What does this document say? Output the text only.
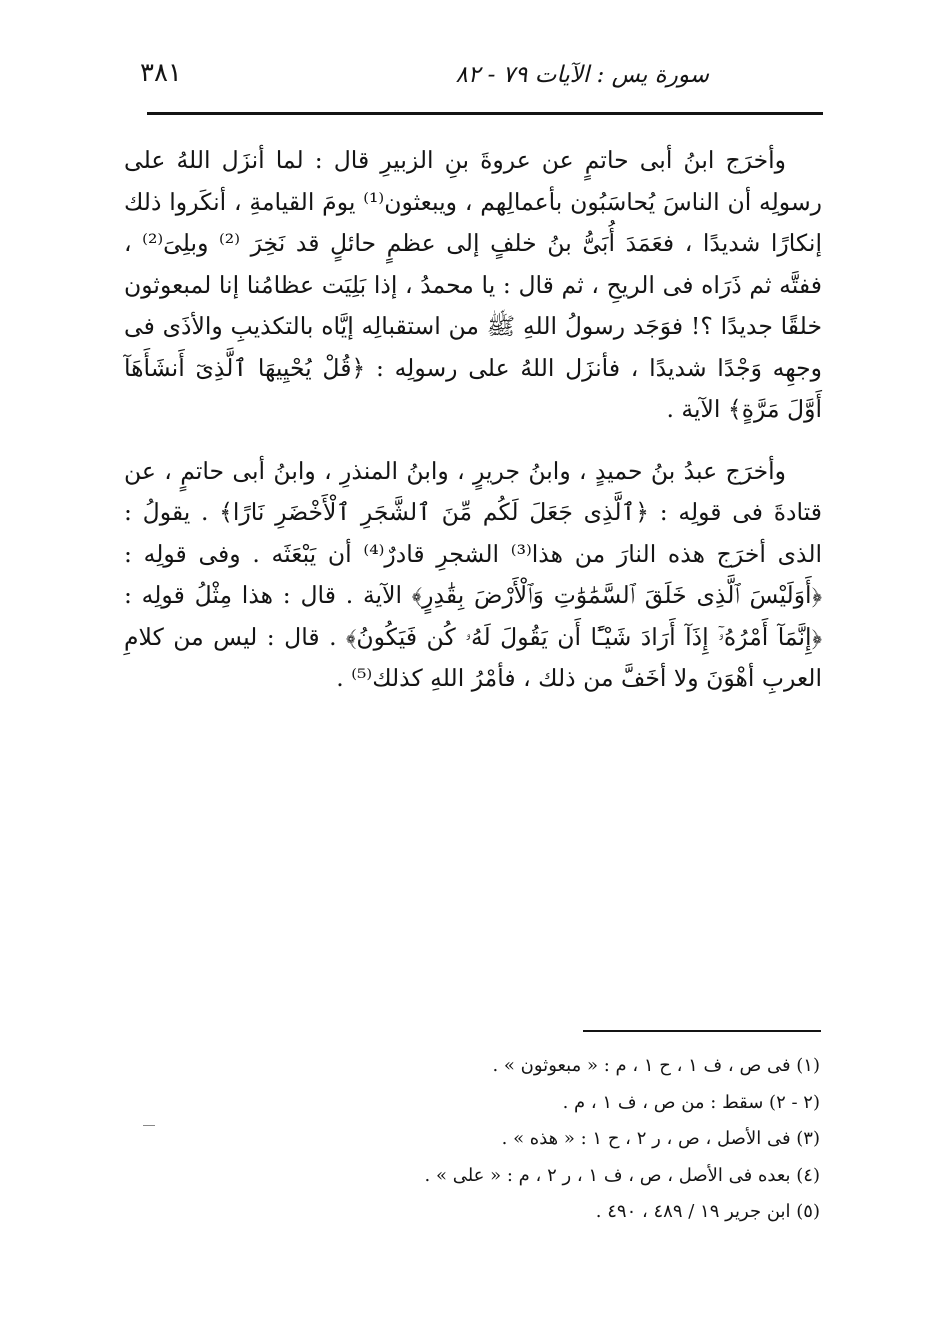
٣٨١	سورة يس : الآيات ٧٩ - ٨٢

وأخرَج ابنُ أبى حاتمٍ عن عروةَ بنِ الزبيرِ قال : لما أنزَل اللهُ على رسولِه أن الناسَ يُحاسَبُون بأعمالِهم ، ويبعثون⁽¹⁾ يومَ القيامةِ ، أنكَروا ذلك إنكارًا شديدًا ، فعَمَدَ أُبَىُّ بنُ خلفٍ إلى عظمٍ حائلٍ قد نَخِرَ ⁽²⁾ وبلِىَ⁽²⁾ ، ففتَّه ثم ذَرَاه فى الريحِ ، ثم قال : يا محمدُ ، إذا بَلِيَت عظامُنا إنا لمبعوثون خلقًا جديدًا ؟! فوَجَد رسولُ اللهِ ﷺ من استقبالِه إيَّاه بالتكذيبِ والأذَى فى وجهِه وَجْدًا شديدًا ، فأنزَل اللهُ على رسولِه : ﴿قُلْ يُحْيِيهَا ٱلَّذِىٓ أَنشَأَهَآ أَوَّلَ مَرَّةٍ﴾ الآية .

وأخرَج عبدُ بنُ حميدٍ ، وابنُ جريرٍ ، وابنُ المنذرِ ، وابنُ أبى حاتمٍ ، عن قتادةَ فى قولِه : ﴿ٱلَّذِى جَعَلَ لَكُم مِّنَ ٱلشَّجَرِ ٱلْأَخْضَرِ نَارًا﴾ . يقولُ : الذى أخرَج هذه النارَ من هذا⁽³⁾ الشجرِ قادرٌ⁽⁴⁾ أن يَبْعَثَه . وفى قولِه : ﴿أَوَلَيْسَ ٱلَّذِى خَلَقَ ٱلسَّمَٰوَٰتِ وَٱلْأَرْضَ بِقَٰدِرٍ﴾ الآية . قال : هذا مِثْلُ قولِه : ﴿إِنَّمَآ أَمْرُهُۥٓ إِذَآ أَرَادَ شَيْـًٔا أَن يَقُولَ لَهُۥ كُن فَيَكُونُ﴾ . قال : ليس من كلامِ العربِ أهْوَنَ ولا أخَفَّ من ذلك ، فأمْرُ اللهِ كذلك⁽⁵⁾ .

(١) فى ص ، ف ١ ، ح ١ ، م : « مبعوثون » .
(٢ - ٢) سقط : من ص ، ف ١ ، م .
(٣) فى الأصل ، ص ، ر ٢ ، ح ١ : « هذه » .
(٤) بعده فى الأصل ، ص ، ف ١ ، ر ٢ ، م : « على » .
(٥) ابن جرير ١٩ / ٤٨٩ ، ٤٩٠ .
